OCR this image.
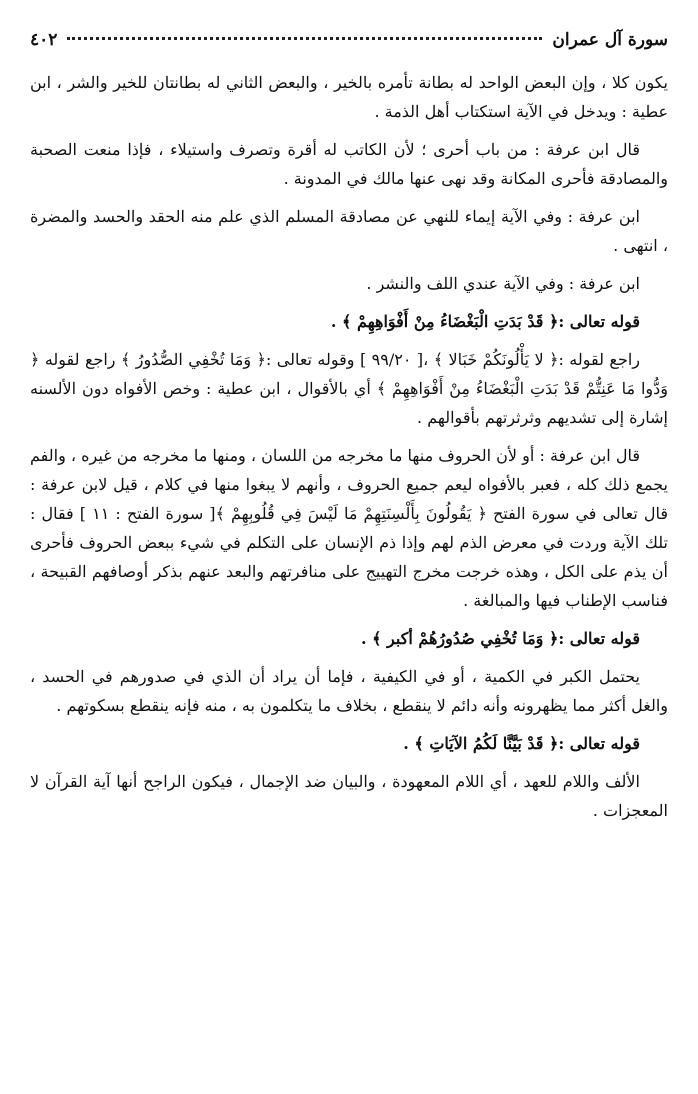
سورة آل عمران
٤٠٢

يكون كلا ، وإن البعض الواحد له بطانة تأمره بالخير ، والبعض الثاني له بطانتان للخير والشر ، ابن عطية : ويدخل في الآية استكتاب أهل الذمة .

قال ابن عرفة : من باب أحرى ؛ لأن الكاتب له أقرة وتصرف واستيلاء ، فإذا منعت الصحبة والمصادقة فأحرى المكانة وقد نهى عنها مالك في المدونة .

ابن عرفة : وفي الآية إيماء للنهي عن مصادقة المسلم الذي علم منه الحقد والحسد والمضرة ، انتهى .

ابن عرفة : وفي الآية عندي اللف والنشر .

قوله تعالى :﴿ قَدْ بَدَتِ الْبَغْضَاءُ مِنْ أَفْوَاهِهِمْ ﴾ .

راجع لقوله :﴿ لا يَأْلُونَكُمْ خَبَالا ﴾ ،[ ٩٩/٢٠ ] وقوله تعالى :﴿ وَمَا تُخْفِي الصُّدُورُ ﴾ راجع لقوله ﴿ وَدُّوا مَا عَنِتُّمْ قَدْ بَدَتِ الْبَغْضَاءُ مِنْ أَفْوَاهِهِمْ ﴾ أي بالأقوال ، ابن عطية : وخص الأفواه دون الألسنه إشارة إلى تشديهم وثرثرتهم بأقوالهم .

قال ابن عرفة : أو لأن الحروف منها ما مخرجه من اللسان ، ومنها ما مخرجه من غيره ، والفم يجمع ذلك كله ، فعبر بالأفواه ليعم جميع الحروف ، وأنهم لا يبغوا منها في كلام ، قيل لابن عرفة : قال تعالى في سورة الفتح ﴿ يَقُولُونَ بِأَلْسِنَتِهِمْ مَا لَيْسَ فِي قُلُوبِهِمْ ﴾[ سورة الفتح : ١١ ] فقال : تلك الآية وردت في معرض الذم لهم وإذا ذم الإنسان على التكلم في شيء ببعض الحروف فأحرى أن يذم على الكل ، وهذه خرجت مخرج التهييج على منافرتهم والبعد عنهم بذكر أوصافهم القبيحة ، فناسب الإطناب فيها والمبالغة .

قوله تعالى :﴿ وَمَا تُخْفِي صُدُورُهُمْ أكبر ﴾ .

يحتمل الكبر في الكمية ، أو في الكيفية ، فإما أن يراد أن الذي في صدورهم في الحسد ، والغل أكثر مما يظهرونه وأنه دائم لا ينقطع ، بخلاف ما يتكلمون به ، منه فإنه ينقطع بسكوتهم .

قوله تعالى :﴿ قَدْ بَيَّنَّا لَكُمُ الآيَاتِ ﴾ .

الألف واللام للعهد ، أي اللام المعهودة ، والبيان ضد الإجمال ، فيكون الراجح أنها آية القرآن لا المعجزات .
